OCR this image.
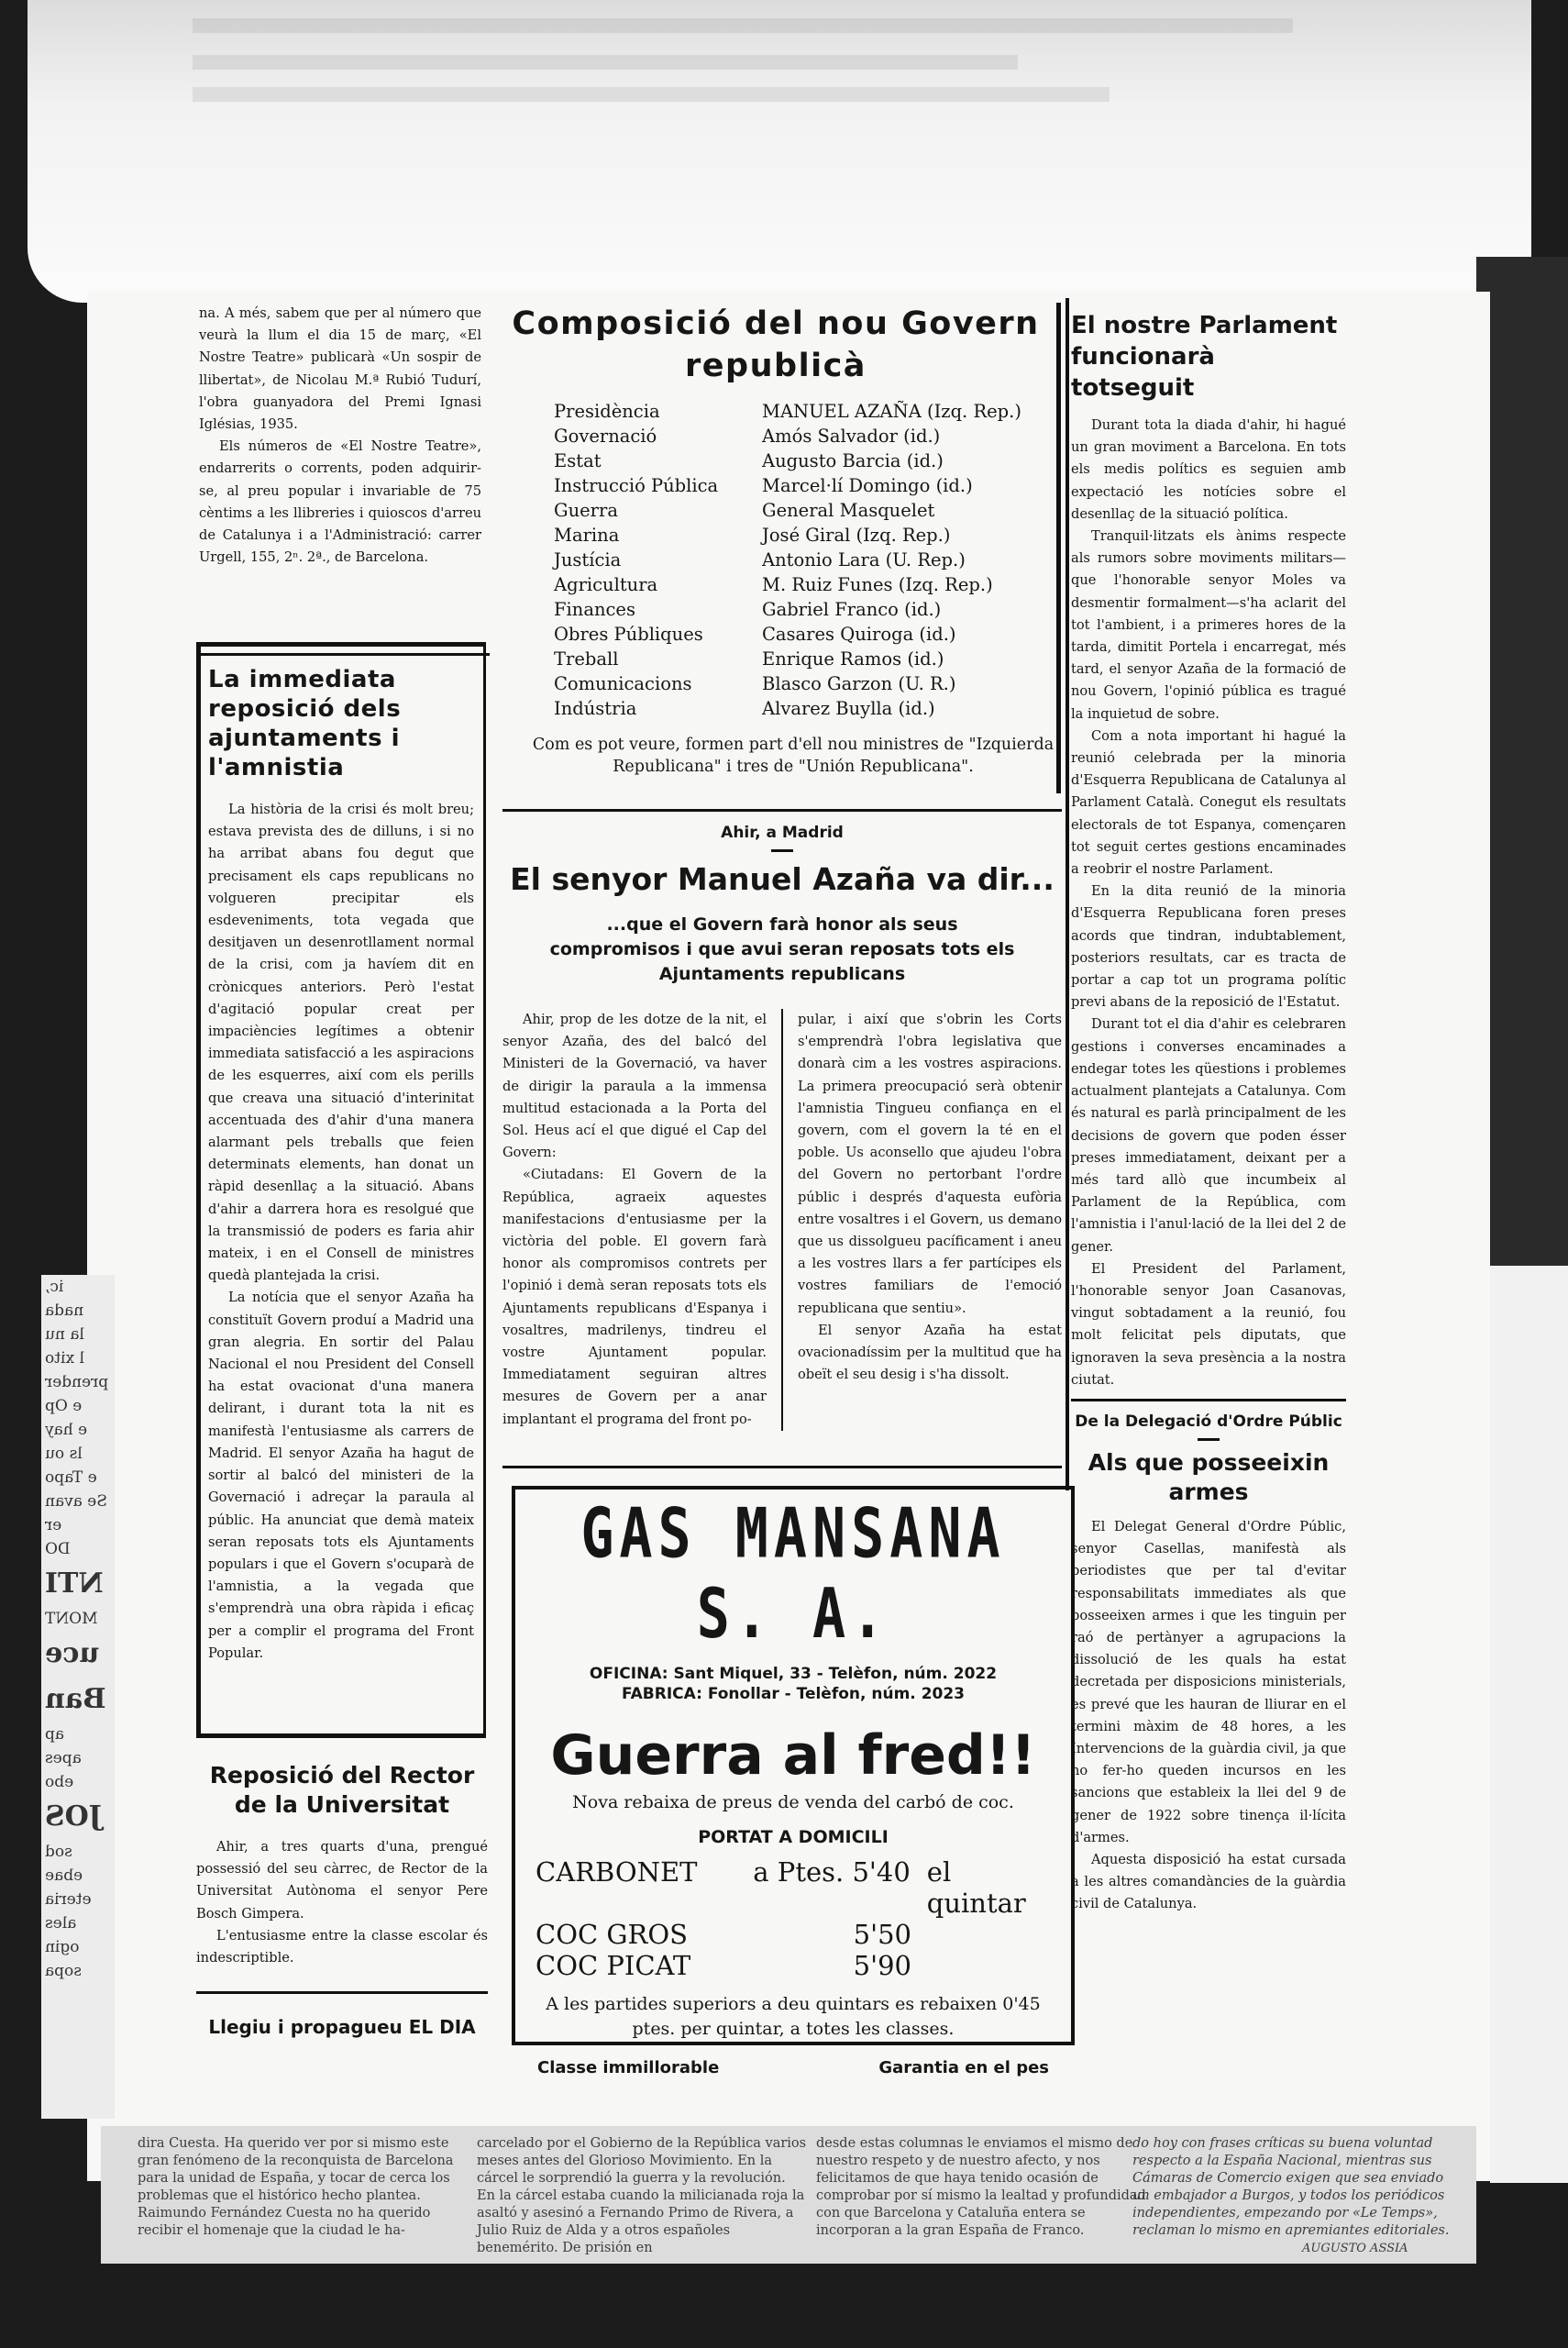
ic,
nada
la nu
l xito
prender
e Op
e hay
ls ou
e Tapo
Se avan
er
DO
NTI
MONT
uce
Ban
ap
apes
ebo
JOS
sod
ebae
eteria
ales
ogin
sopa

na. A més, sabem que per al número que veurà la llum el dia 15 de març, «El Nostre Teatre» publicarà «Un sospir de llibertat», de Nicolau M.ª Rubió Tudurí, l'obra guanyadora del Premi Ignasi Iglésias, 1935.

Els números de «El Nostre Teatre», endarrerits o corrents, poden adquirir-se, al preu popular i invariable de 75 cèntims a les llibreries i quioscos d'arreu de Catalunya i a l'Administració: carrer Urgell, 155, 2ⁿ. 2ª., de Barcelona.

La immediata reposició dels ajuntaments i l'amnistia

La història de la crisi és molt breu; estava prevista des de dilluns, i si no ha arribat abans fou degut que precisament els caps republicans no volgueren precipitar els esdeveniments, tota vegada que desitjaven un desenrotllament normal de la crisi, com ja havíem dit en crònicques anteriors. Però l'estat d'agitació popular creat per impaciències legítimes a obtenir immediata satisfacció a les aspiracions de les esquerres, així com els perills que creava una situació d'interinitat accentuada des d'ahir d'una manera alarmant pels treballs que feien determinats elements, han donat un ràpid desenllaç a la situació. Abans d'ahir a darrera hora es resolgué que la transmissió de poders es faria ahir mateix, i en el Consell de ministres quedà plantejada la crisi.

La notícia que el senyor Azaña ha constituït Govern produí a Madrid una gran alegria. En sortir del Palau Nacional el nou President del Consell ha estat ovacionat d'una manera delirant, i durant tota la nit es manifestà l'entusiasme als carrers de Madrid. El senyor Azaña ha hagut de sortir al balcó del ministeri de la Governació i adreçar la paraula al públic. Ha anunciat que demà mateix seran reposats tots els Ajuntaments populars i que el Govern s'ocuparà de l'amnistia, a la vegada que s'emprendrà una obra ràpida i eficaç per a complir el programa del Front Popular.

Reposició del Rector de la Universitat

Ahir, a tres quarts d'una, prengué possessió del seu càrrec, de Rector de la Universitat Autònoma el senyor Pere Bosch Gimpera.

L'entusiasme entre la classe escolar és indescriptible.

Llegiu i propagueu EL DIA
Composició del nou Govern republicà
Presidència	MANUEL AZAÑA (Izq. Rep.)
Governació	Amós Salvador (id.)
Estat	Augusto Barcia (id.)
Instrucció Pública	Marcel·lí Domingo (id.)
Guerra	General Masquelet
Marina	José Giral (Izq. Rep.)
Justícia	Antonio Lara (U. Rep.)
Agricultura	M. Ruiz Funes (Izq. Rep.)
Finances	Gabriel Franco (id.)
Obres Públiques	Casares Quiroga (id.)
Treball	Enrique Ramos (id.)
Comunicacions	Blasco Garzon (U. R.)
Indústria	Alvarez Buylla (id.)

Com es pot veure, formen part d'ell nou ministres de "Izquierda Republicana" i tres de "Unión Republicana".

Ahir, a Madrid
El senyor Manuel Azaña va dir...
...que el Govern farà honor als seus compromisos i que avui seran reposats tots els Ajuntaments republicans

Ahir, prop de les dotze de la nit, el senyor Azaña, des del balcó del Ministeri de la Governació, va haver de dirigir la paraula a la immensa multitud estacionada a la Porta del Sol. Heus ací el que digué el Cap del Govern:

«Ciutadans: El Govern de la República, agraeix aquestes manifestacions d'entusiasme per la victòria del poble. El govern farà honor als compromisos contrets per l'opinió i demà seran reposats tots els Ajuntaments republicans d'Espanya i vosaltres, madrilenys, tindreu el vostre Ajuntament popular. Immediatament seguiran altres mesures de Govern per a anar implantant el programa del front po-

pular, i així que s'obrin les Corts s'emprendrà l'obra legislativa que donarà cim a les vostres aspiracions. La primera preocupació serà obtenir l'amnistia Tingueu confiança en el govern, com el govern la té en el poble. Us aconsello que ajudeu l'obra del Govern no pertorbant l'ordre públic i després d'aquesta eufòria entre vosaltres i el Govern, us demano que us dissolgueu pacíficament i aneu a les vostres llars a fer partícipes els vostres familiars de l'emoció republicana que sentiu».

El senyor Azaña ha estat ovacionadíssim per la multitud que ha obeït el seu desig i s'ha dissolt.

GAS MANSANA S. A.
OFICINA: Sant Miquel, 33 - Telèfon, núm. 2022
FABRICA: Fonollar - Telèfon, núm. 2023
Guerra al fred!!
Nova rebaixa de preus de venda del carbó de coc.
PORTAT A DOMICILI
CARBONET	a Ptes. 5'40 el quintar
COC GROS	5'50
COC PICAT	5'90
A les partides superiors a deu quintars es rebaixen 0'45 ptes. per quintar, a totes les classes.
Classe immillorable	Garantia en el pes
El nostre Parlament funcionarà totseguit

Durant tota la diada d'ahir, hi hagué un gran moviment a Barcelona. En tots els medis polítics es seguien amb expectació les notícies sobre el desenllaç de la situació política.

Tranquil·litzats els ànims respecte als rumors sobre moviments militars—que l'honorable senyor Moles va desmentir formalment—s'ha aclarit del tot l'ambient, i a primeres hores de la tarda, dimitit Portela i encarregat, més tard, el senyor Azaña de la formació de nou Govern, l'opinió pública es tragué la inquietud de sobre.

Com a nota important hi hagué la reunió celebrada per la minoria d'Esquerra Republicana de Catalunya al Parlament Català. Conegut els resultats electorals de tot Espanya, començaren tot seguit certes gestions encaminades a reobrir el nostre Parlament.

En la dita reunió de la minoria d'Esquerra Republicana foren preses acords que tindran, indubtablement, posteriors resultats, car es tracta de portar a cap tot un programa polític previ abans de la reposició de l'Estatut.

Durant tot el dia d'ahir es celebraren gestions i converses encaminades a endegar totes les qüestions i problemes actualment plantejats a Catalunya. Com és natural es parlà principalment de les decisions de govern que poden ésser preses immediatament, deixant per a més tard allò que incumbeix al Parlament de la República, com l'amnistia i l'anul·lació de la llei del 2 de gener.

El President del Parlament, l'honorable senyor Joan Casanovas, vingut sobtadament a la reunió, fou molt felicitat pels diputats, que ignoraven la seva presència a la nostra ciutat.

De la Delegació d'Ordre Públic
Als que posseeixin armes

El Delegat General d'Ordre Públic, senyor Casellas, manifestà als periodistes que per tal d'evitar responsabilitats immediates als que posseeixen armes i que les tinguin per raó de pertànyer a agrupacions la dissolució de les quals ha estat decretada per disposicions ministerials, es prevé que les hauran de lliurar en el termini màxim de 48 hores, a les Intervencions de la guàrdia civil, ja que no fer-ho queden incursos en les sancions que estableix la llei del 9 de gener de 1922 sobre tinença il·lícita d'armes.

Aquesta disposició ha estat cursada a les altres comandàncies de la guàrdia civil de Catalunya.

dira Cuesta. Ha querido ver por si mismo este gran fenómeno de la reconquista de Barcelona para la unidad de España, y tocar de cerca los problemas que el histórico hecho plantea. Raimundo Fernández Cuesta no ha querido recibir el homenaje que la ciudad le ha-
carcelado por el Gobierno de la República varios meses antes del Glorioso Movimiento. En la cárcel le sorprendió la guerra y la revolución. En la cárcel estaba cuando la milicianada roja la asaltó y asesinó a Fernando Primo de Rivera, a Julio Ruiz de Alda y a otros españoles benemérito. De prisión en
desde estas columnas le enviamos el mismo de nuestro respeto y de nuestro afecto, y nos felicitamos de que haya tenido ocasión de comprobar por sí mismo la lealtad y profundidad con que Barcelona y Cataluña entera se incorporan a la gran España de Franco.
do hoy con frases críticas su buena voluntad respecto a la España Nacional, mientras sus Cámaras de Comercio exigen que sea enviado un embajador a Burgos, y todos los periódicos independientes, empezando por «Le Temps», reclaman lo mismo en apremiantes editoriales.
AUGUSTO ASSIA
